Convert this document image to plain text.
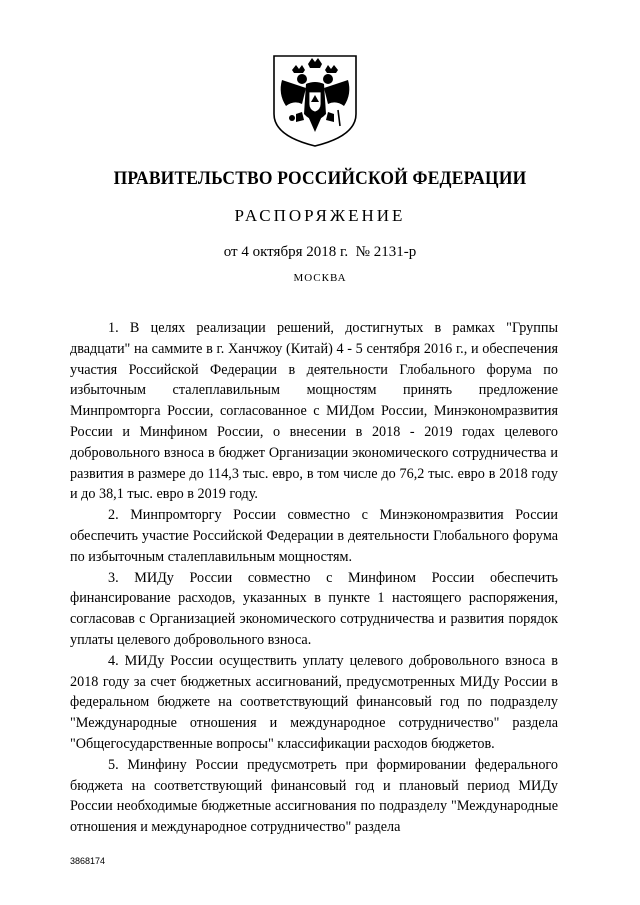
ПРАВИТЕЛЬСТВО РОССИЙСКОЙ ФЕДЕРАЦИИ
РАСПОРЯЖЕНИЕ
от 4 октября 2018 г.  № 2131-р
МОСКВА

1. В целях реализации решений, достигнутых в рамках "Группы двадцати" на саммите в г. Ханчжоу (Китай) 4 - 5 сентября 2016 г., и обеспечения участия Российской Федерации в деятельности Глобального форума по избыточным сталеплавильным мощностям принять предложение Минпромторга России, согласованное с МИДом России, Минэкономразвития России и Минфином России, о внесении в 2018 - 2019 годах целевого добровольного взноса в бюджет Организации экономического сотрудничества и развития в размере до 114,3 тыс. евро, в том числе до 76,2 тыс. евро в 2018 году и до 38,1 тыс. евро в 2019 году.

2. Минпромторгу России совместно с Минэкономразвития России обеспечить участие Российской Федерации в деятельности Глобального форума по избыточным сталеплавильным мощностям.

3. МИДу России совместно с Минфином России обеспечить финансирование расходов, указанных в пункте 1 настоящего распоряжения, согласовав с Организацией экономического сотрудничества и развития порядок уплаты целевого добровольного взноса.

4. МИДу России осуществить уплату целевого добровольного взноса в 2018 году за счет бюджетных ассигнований, предусмотренных МИДу России в федеральном бюджете на соответствующий финансовый год по подразделу "Международные отношения и международное сотрудничество" раздела "Общегосударственные вопросы" классификации расходов бюджетов.

5. Минфину России предусмотреть при формировании федерального бюджета на соответствующий финансовый год и плановый период МИДу России необходимые бюджетные ассигнования по подразделу "Международные отношения и международное сотрудничество" раздела

3868174
